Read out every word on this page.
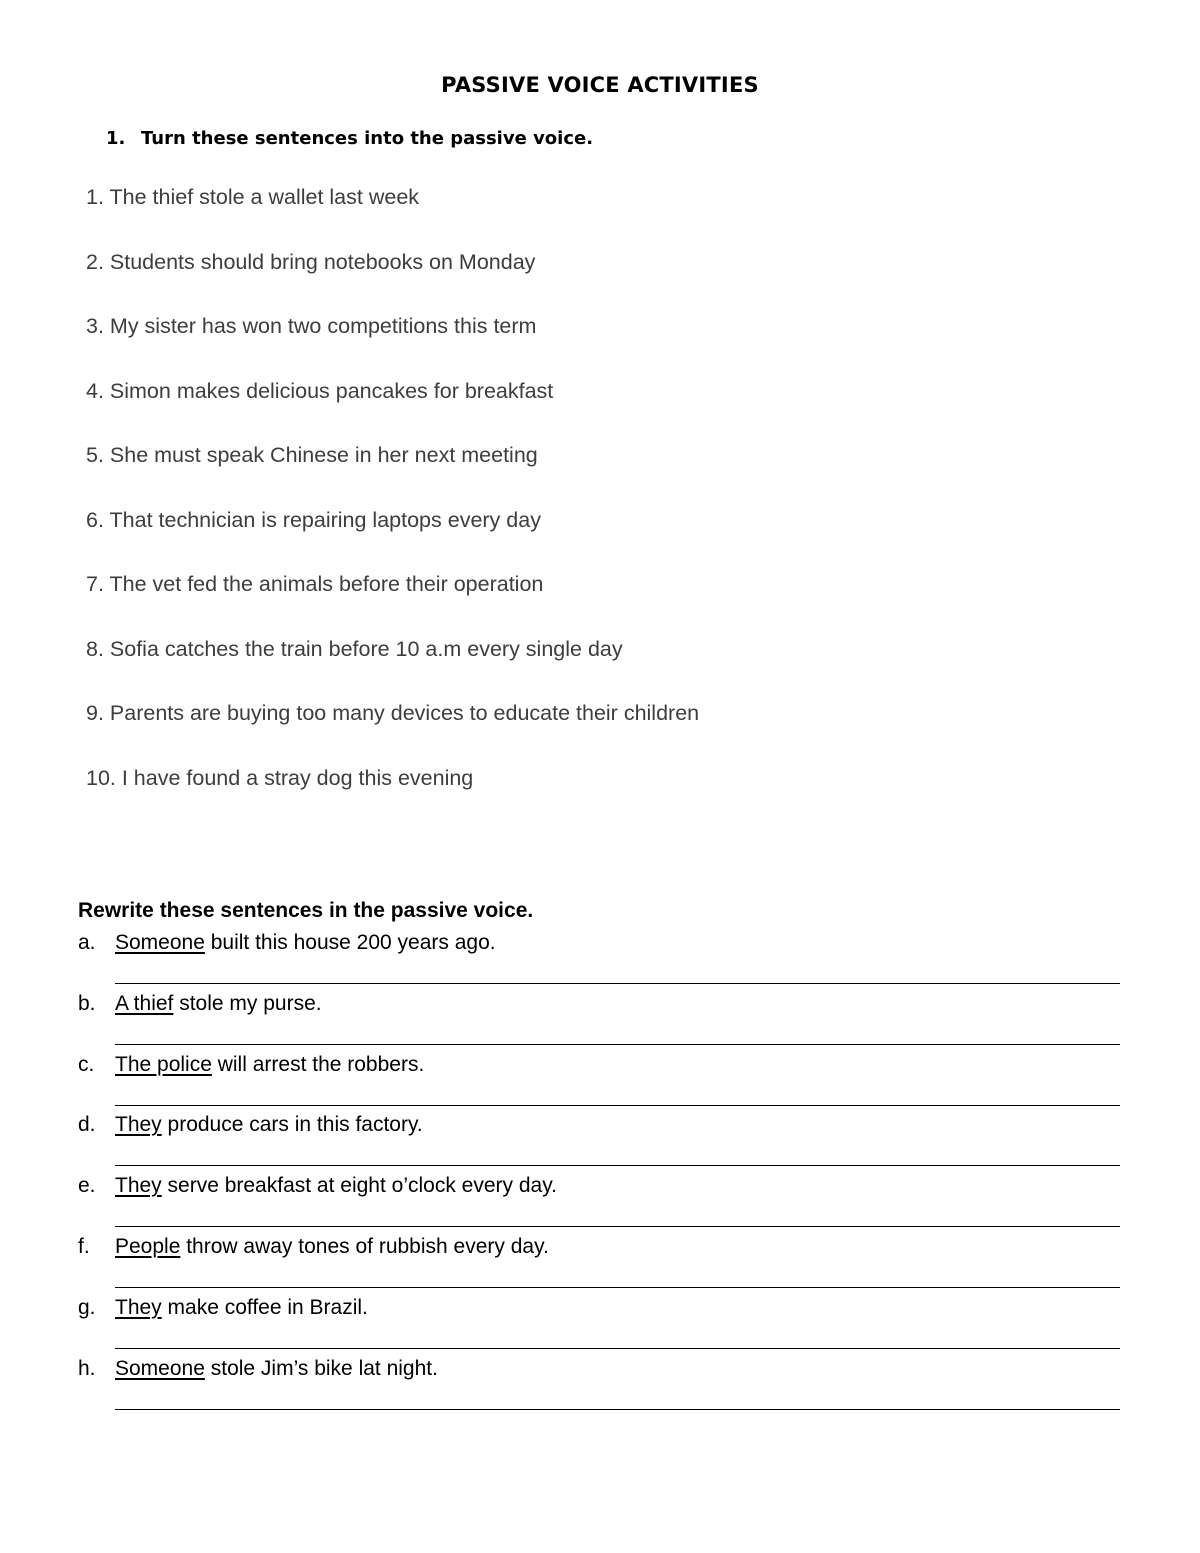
PASSIVE VOICE ACTIVITIES
1. Turn these sentences into the passive voice.
1. The thief stole a wallet last week
2. Students should bring notebooks on Monday
3. My sister has won two competitions this term
4. Simon makes delicious pancakes for breakfast
5. She must speak Chinese in her next meeting
6. That technician is repairing laptops every day
7. The vet fed the animals before their operation
8. Sofia catches the train before 10 a.m every single day
9. Parents are buying too many devices to educate their children
10. I have found a stray dog this evening
Rewrite these sentences in the passive voice.
a. Someone built this house 200 years ago.
b. A thief stole my purse.
c. The police will arrest the robbers.
d. They produce cars in this factory.
e. They serve breakfast at eight o’clock every day.
f. People throw away tones of rubbish every day.
g. They make coffee in Brazil.
h. Someone stole Jim’s bike lat night.
